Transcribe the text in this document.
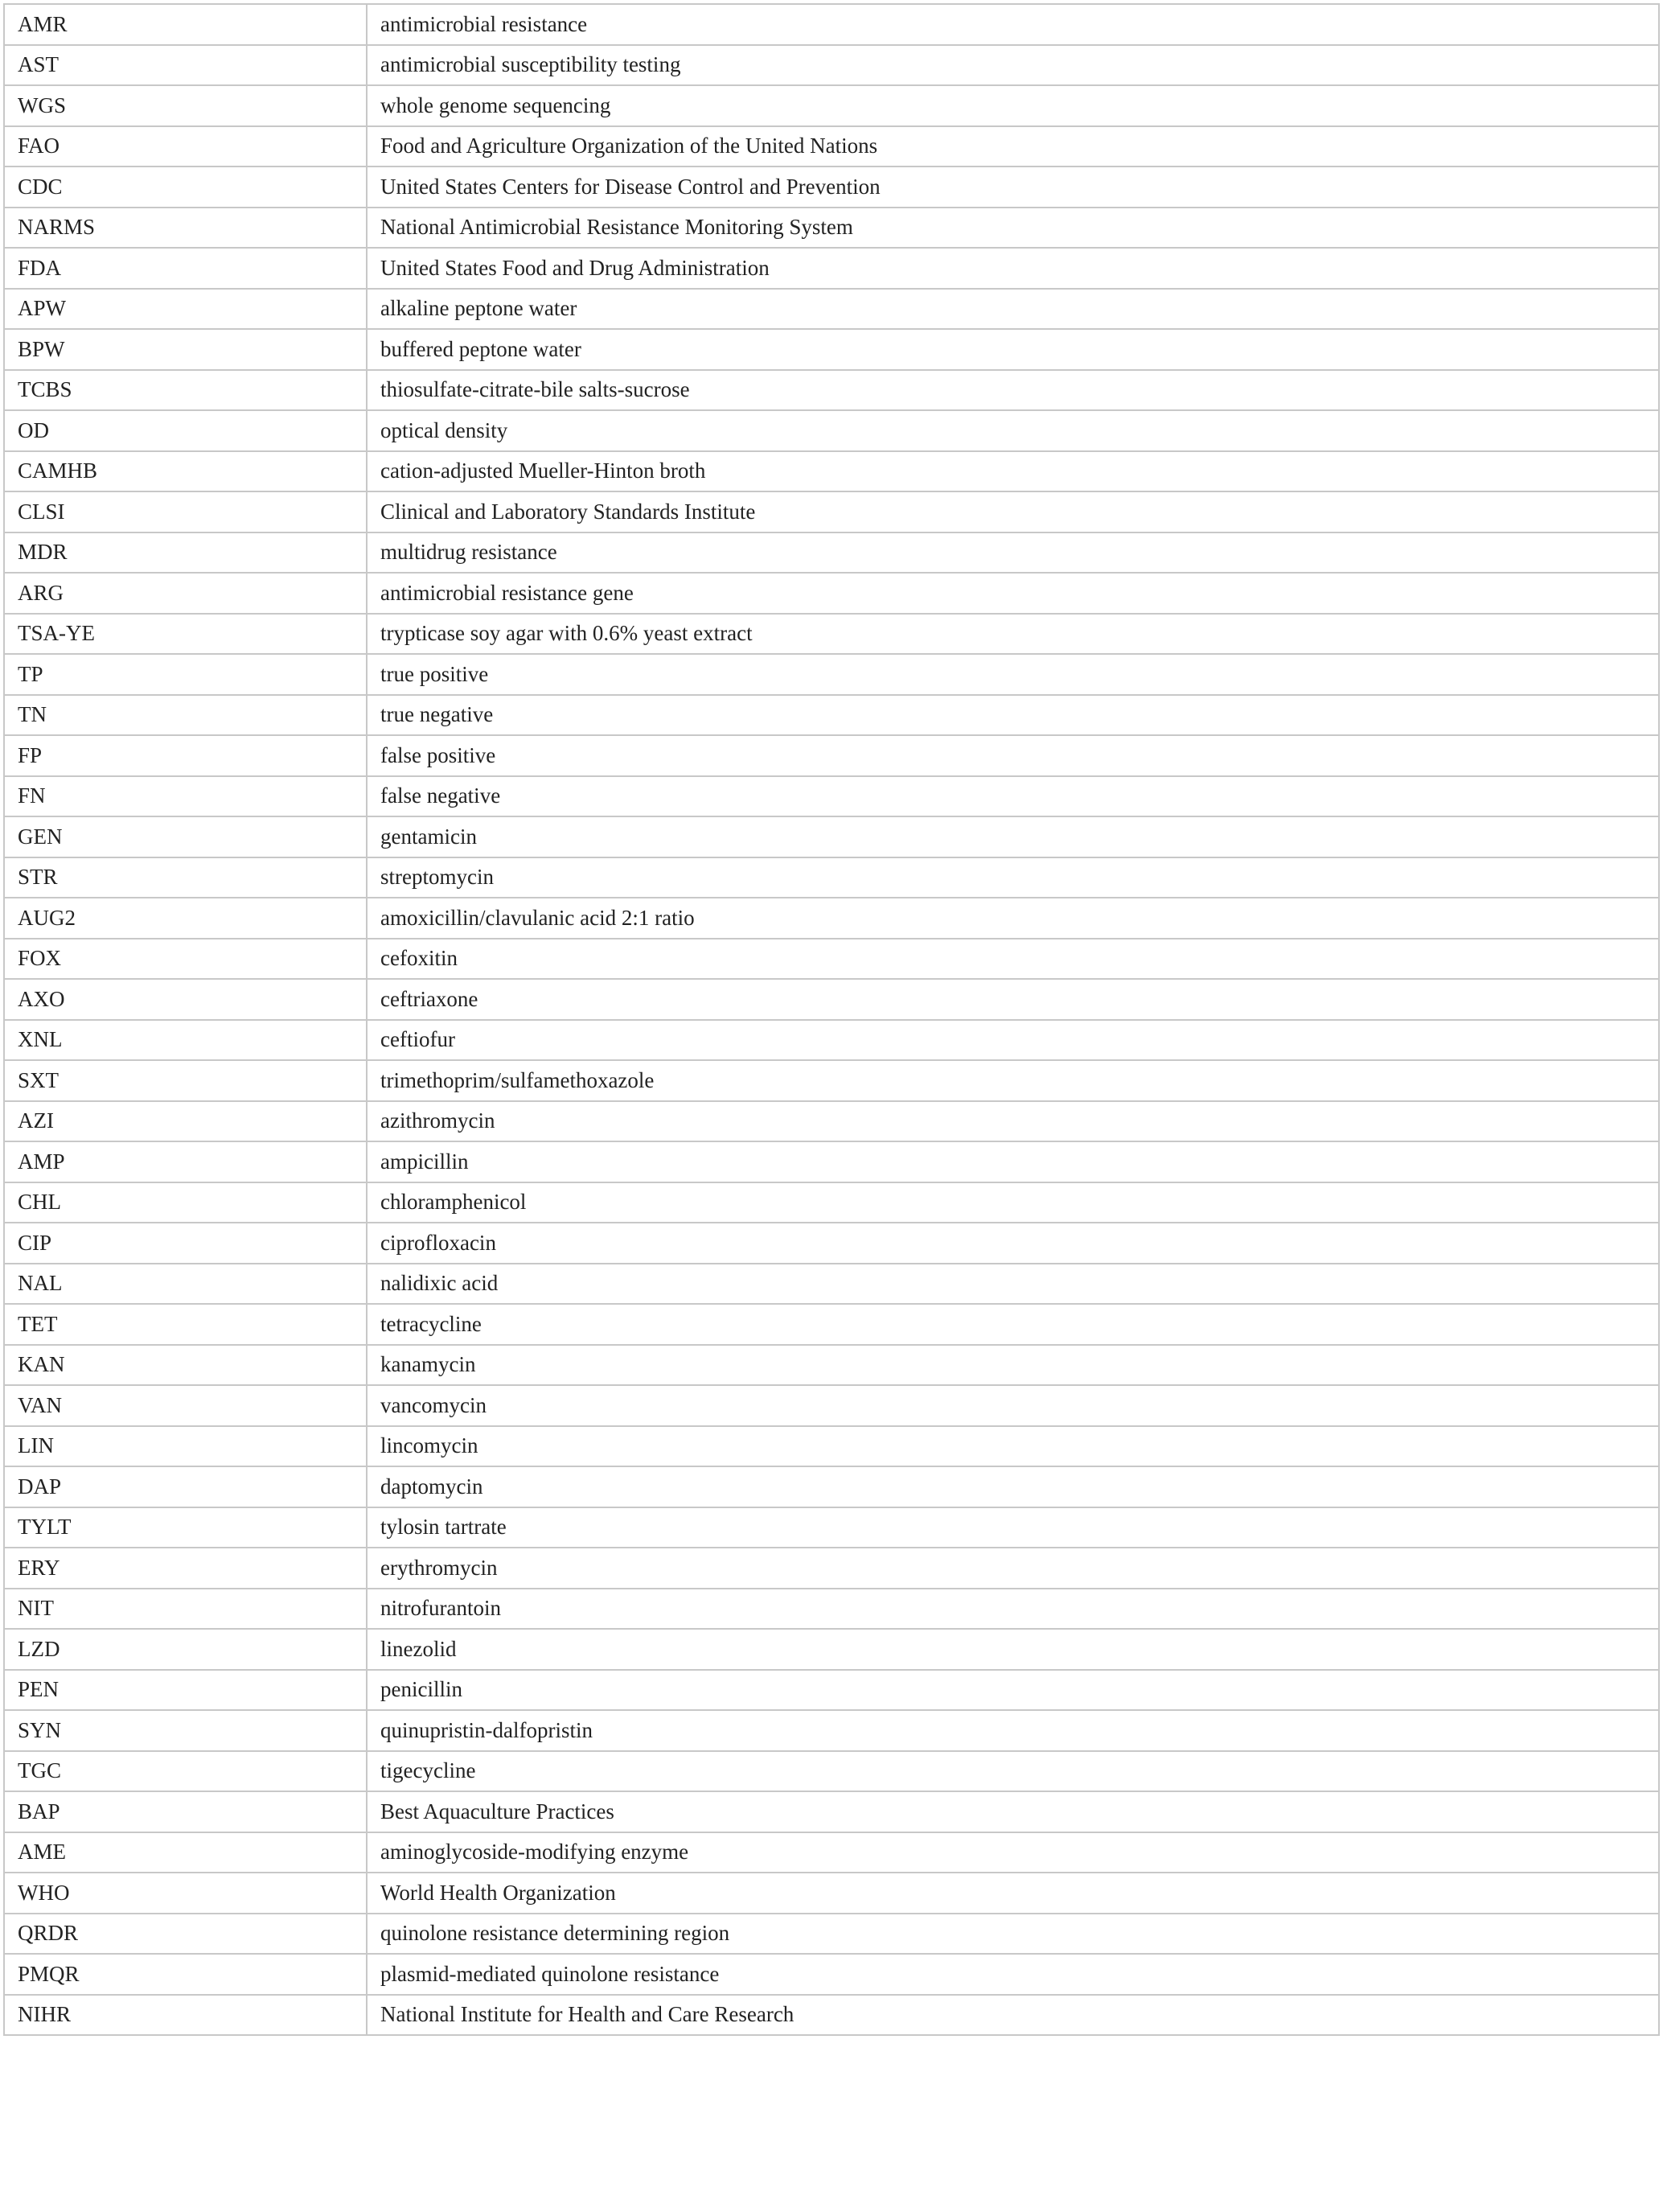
AMR	antimicrobial resistance
AST	antimicrobial susceptibility testing
WGS	whole genome sequencing
FAO	Food and Agriculture Organization of the United Nations
CDC	United States Centers for Disease Control and Prevention
NARMS	National Antimicrobial Resistance Monitoring System
FDA	United States Food and Drug Administration
APW	alkaline peptone water
BPW	buffered peptone water
TCBS	thiosulfate-citrate-bile salts-sucrose
OD	optical density
CAMHB	cation-adjusted Mueller-Hinton broth
CLSI	Clinical and Laboratory Standards Institute
MDR	multidrug resistance
ARG	antimicrobial resistance gene
TSA-YE	trypticase soy agar with 0.6% yeast extract
TP	true positive
TN	true negative
FP	false positive
FN	false negative
GEN	gentamicin
STR	streptomycin
AUG2	amoxicillin/clavulanic acid 2:1 ratio
FOX	cefoxitin
AXO	ceftriaxone
XNL	ceftiofur
SXT	trimethoprim/sulfamethoxazole
AZI	azithromycin
AMP	ampicillin
CHL	chloramphenicol
CIP	ciprofloxacin
NAL	nalidixic acid
TET	tetracycline
KAN	kanamycin
VAN	vancomycin
LIN	lincomycin
DAP	daptomycin
TYLT	tylosin tartrate
ERY	erythromycin
NIT	nitrofurantoin
LZD	linezolid
PEN	penicillin
SYN	quinupristin-dalfopristin
TGC	tigecycline
BAP	Best Aquaculture Practices
AME	aminoglycoside-modifying enzyme
WHO	World Health Organization
QRDR	quinolone resistance determining region
PMQR	plasmid-mediated quinolone resistance
NIHR	National Institute for Health and Care Research
